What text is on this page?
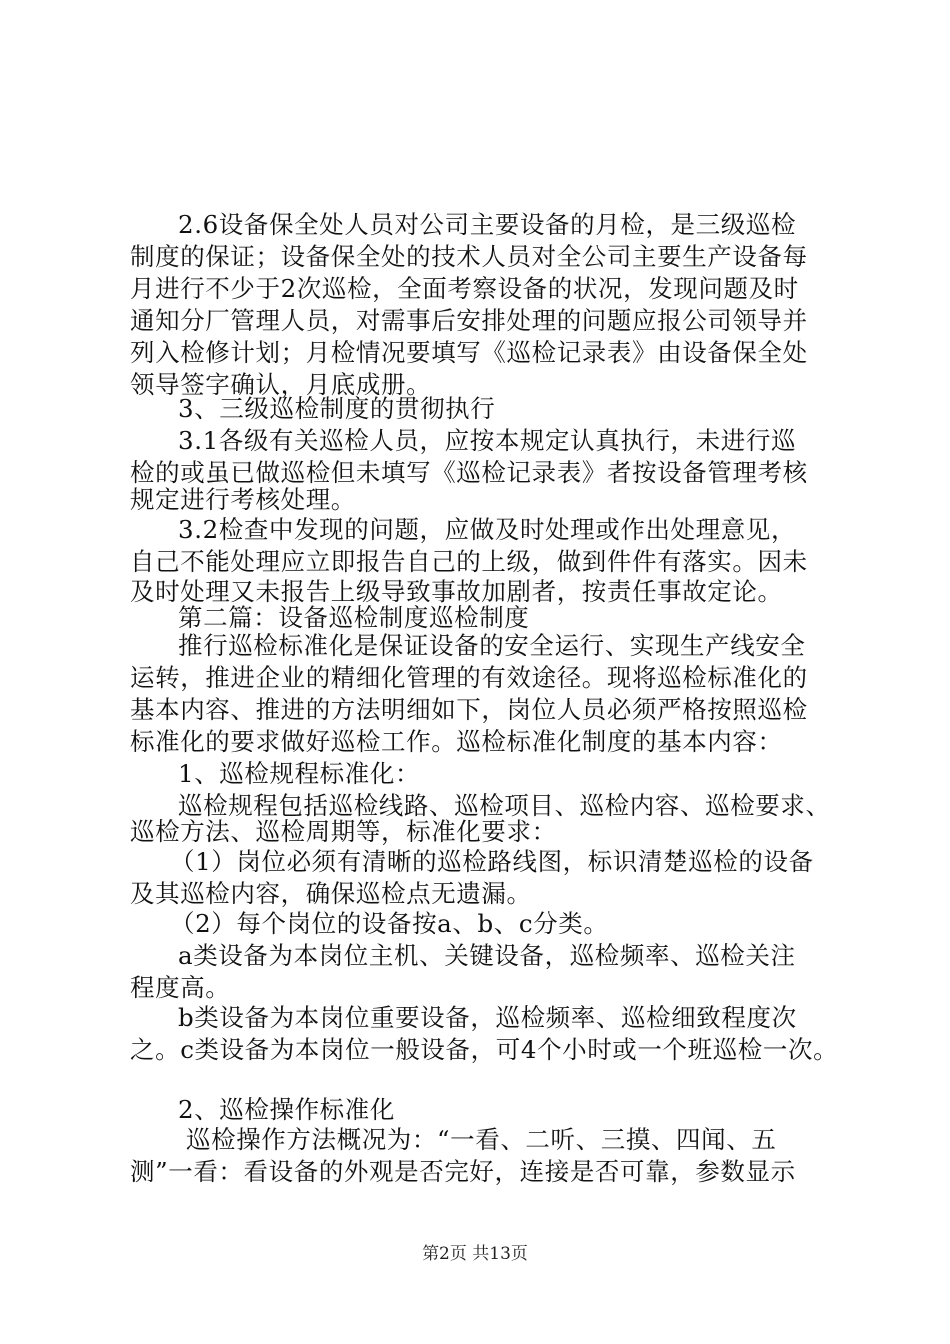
2.6设备保全处人员对公司主要设备的月检，是三级巡检
制度的保证；设备保全处的技术人员对全公司主要生产设备每
月进行不少于2次巡检，全面考察设备的状况，发现问题及时
通知分厂管理人员，对需事后安排处理的问题应报公司领导并
列入检修计划；月检情况要填写《巡检记录表》由设备保全处
领导签字确认，月底成册。
3、三级巡检制度的贯彻执行
3.1各级有关巡检人员，应按本规定认真执行，未进行巡
检的或虽已做巡检但未填写《巡检记录表》者按设备管理考核
规定进行考核处理。
3.2检查中发现的问题，应做及时处理或作出处理意见，
自己不能处理应立即报告自己的上级，做到件件有落实。因未
及时处理又未报告上级导致事故加剧者，按责任事故定论。
第二篇：设备巡检制度巡检制度
推行巡检标准化是保证设备的安全运行、实现生产线安全
运转，推进企业的精细化管理的有效途径。现将巡检标准化的
基本内容、推进的方法明细如下，岗位人员必须严格按照巡检
标准化的要求做好巡检工作。巡检标准化制度的基本内容：
1、巡检规程标准化：
巡检规程包括巡检线路、巡检项目、巡检内容、巡检要求、
巡检方法、巡检周期等，标准化要求：
（1）岗位必须有清晰的巡检路线图，标识清楚巡检的设备
及其巡检内容，确保巡检点无遗漏。
（2）每个岗位的设备按a、b、c分类。
a类设备为本岗位主机、关键设备，巡检频率、巡检关注
程度高。
b类设备为本岗位重要设备，巡检频率、巡检细致程度次
之。c类设备为本岗位一般设备，可4个小时或一个班巡检一次。
2、巡检操作标准化
巡检操作方法概况为：“一看、二听、三摸、四闻、五
测”一看：看设备的外观是否完好，连接是否可靠，参数显示
第2页 共13页
